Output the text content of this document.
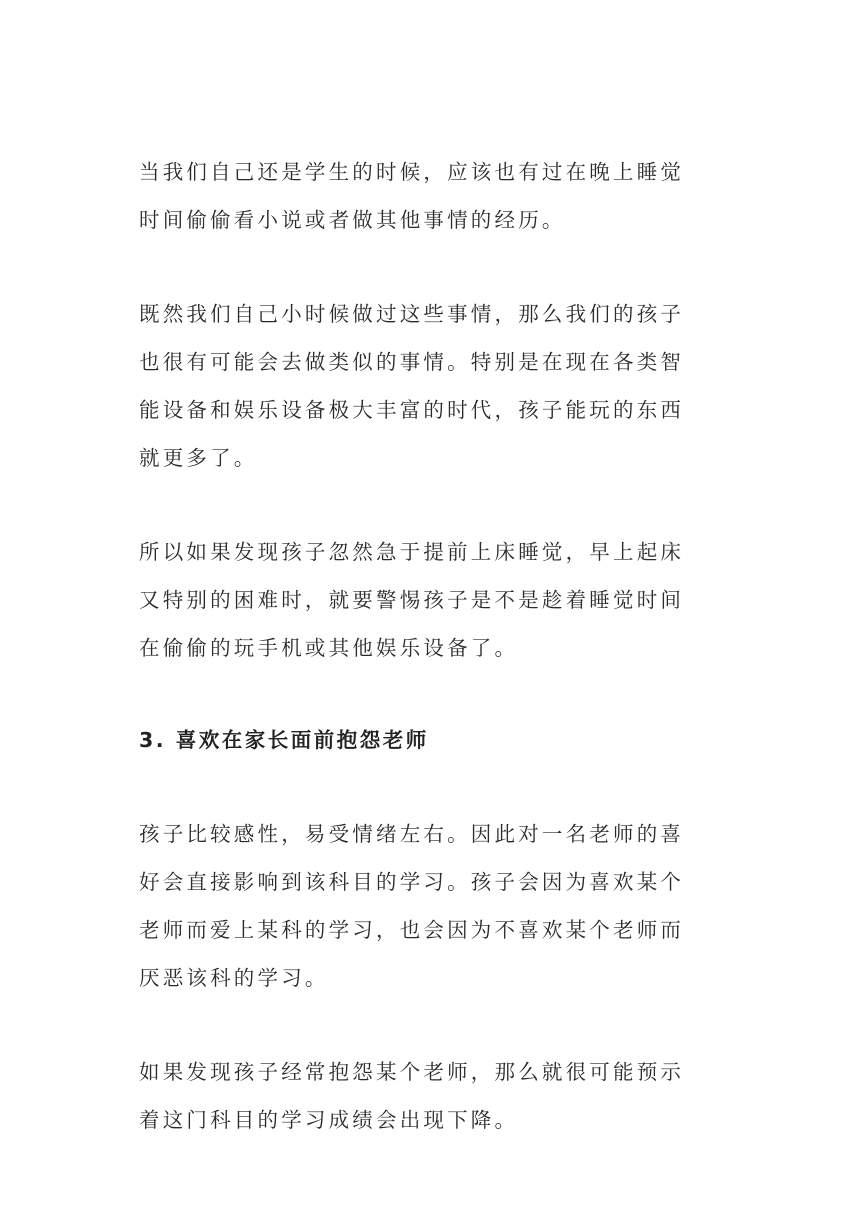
当我们自己还是学生的时候，应该也有过在晚上睡觉
时间偷偷看小说或者做其他事情的经历。

既然我们自己小时候做过这些事情，那么我们的孩子
也很有可能会去做类似的事情。特别是在现在各类智
能设备和娱乐设备极大丰富的时代，孩子能玩的东西
就更多了。

所以如果发现孩子忽然急于提前上床睡觉，早上起床
又特别的困难时，就要警惕孩子是不是趁着睡觉时间
在偷偷的玩手机或其他娱乐设备了。

3. 喜欢在家长面前抱怨老师

孩子比较感性，易受情绪左右。因此对一名老师的喜
好会直接影响到该科目的学习。孩子会因为喜欢某个
老师而爱上某科的学习，也会因为不喜欢某个老师而
厌恶该科的学习。

如果发现孩子经常抱怨某个老师，那么就很可能预示
着这门科目的学习成绩会出现下降。
